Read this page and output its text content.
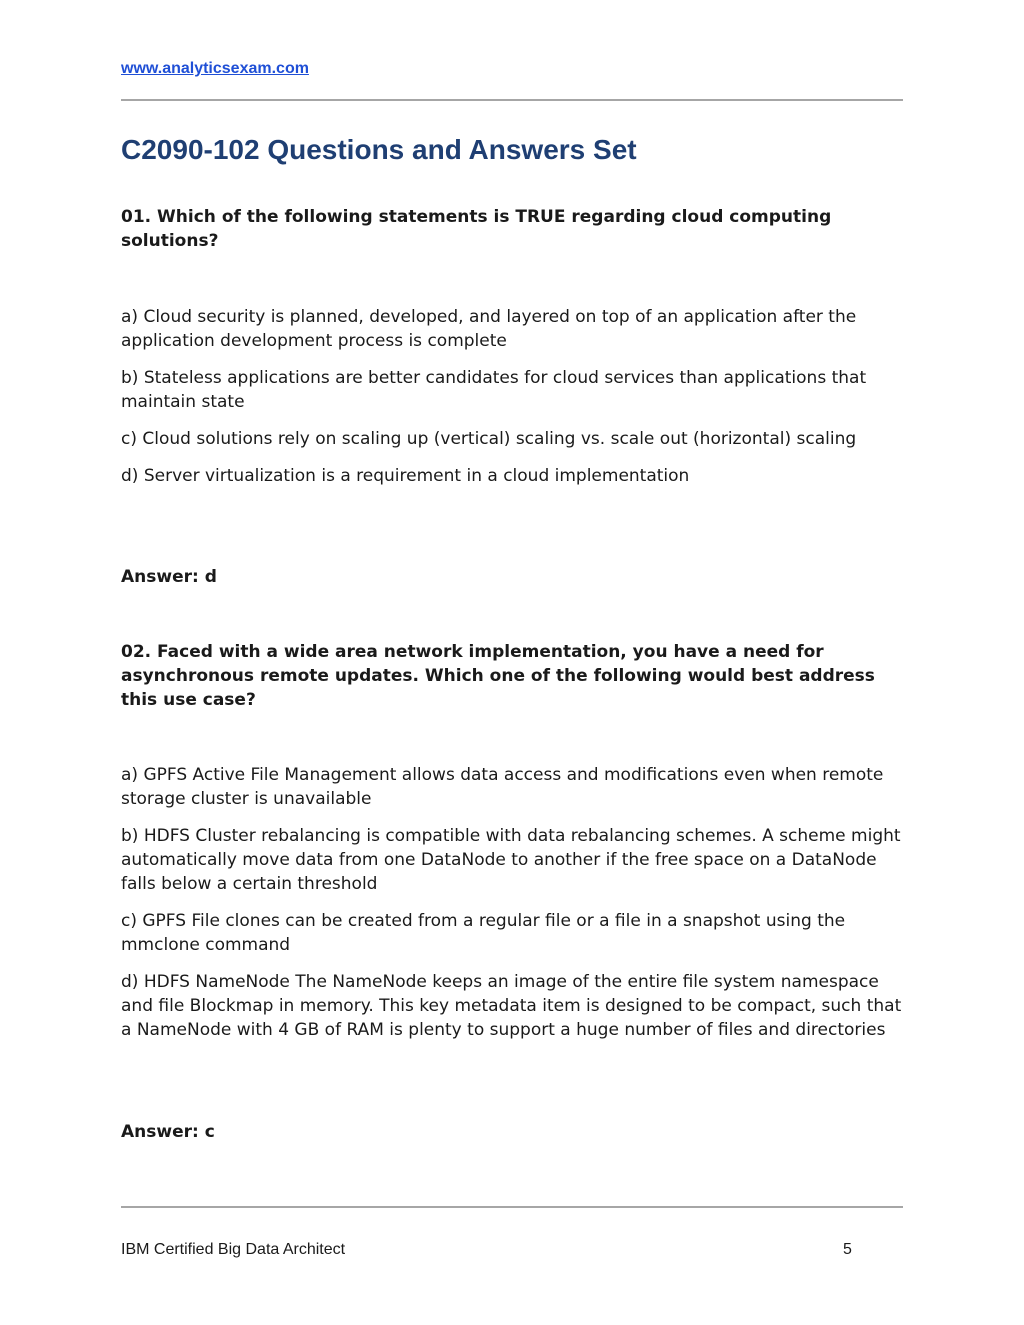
www.analyticsexam.com
C2090-102 Questions and Answers Set
01. Which of the following statements is TRUE regarding cloud computing solutions?

a) Cloud security is planned, developed, and layered on top of an application after the application development process is complete

b) Stateless applications are better candidates for cloud services than applications that maintain state

c) Cloud solutions rely on scaling up (vertical) scaling vs. scale out (horizontal) scaling

d) Server virtualization is a requirement in a cloud implementation

Answer: d
02. Faced with a wide area network implementation, you have a need for asynchronous remote updates. Which one of the following would best address this use case?

a) GPFS Active File Management allows data access and modifications even when remote storage cluster is unavailable

b) HDFS Cluster rebalancing is compatible with data rebalancing schemes. A scheme might automatically move data from one DataNode to another if the free space on a DataNode falls below a certain threshold

c) GPFS File clones can be created from a regular file or a file in a snapshot using the mmclone command

d) HDFS NameNode The NameNode keeps an image of the entire file system namespace and file Blockmap in memory. This key metadata item is designed to be compact, such that a NameNode with 4 GB of RAM is plenty to support a huge number of files and directories

Answer: c
IBM Certified Big Data Architect	5
